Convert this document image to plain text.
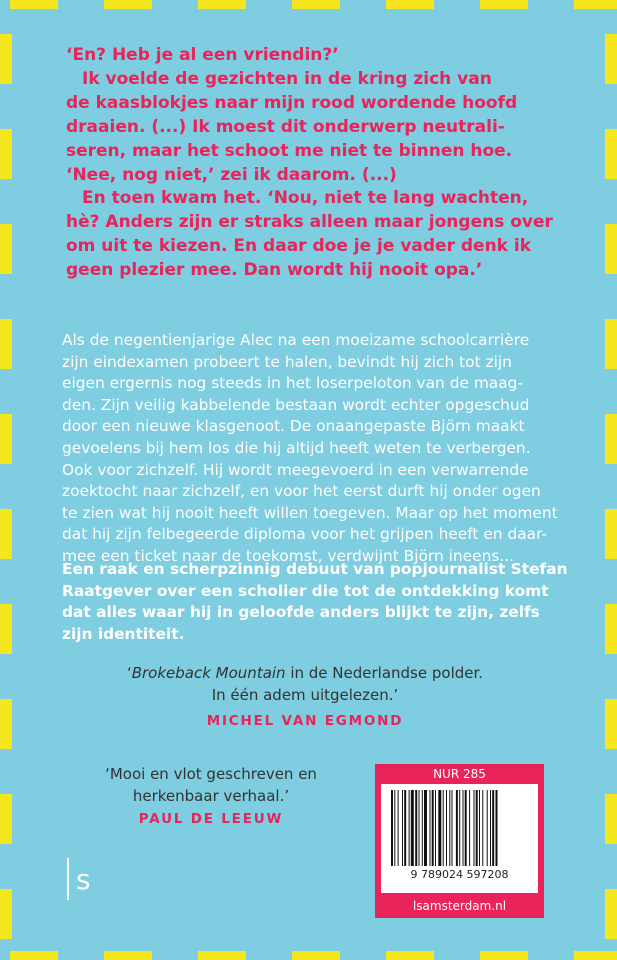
‘En? Heb je al een vriendin?’

Ik voelde de gezichten in de kring zich van

de kaasblokjes naar mijn rood wordende hoofd

draaien. (...) Ik moest dit onderwerp neutrali-

seren, maar het schoot me niet te binnen hoe.

‘Nee, nog niet,’ zei ik daarom. (...)

En toen kwam het. ‘Nou, niet te lang wachten,

hè? Anders zijn er straks alleen maar jongens over

om uit te kiezen. En daar doe je je vader denk ik

geen plezier mee. Dan wordt hij nooit opa.’

Als de negentienjarige Alec na een moeizame schoolcarrière

zijn eindexamen probeert te halen, bevindt hij zich tot zijn

eigen ergernis nog steeds in het loserpeloton van de maag-

den. Zijn veilig kabbelende bestaan wordt echter opgeschud

door een nieuwe klasgenoot. De onaangepaste Björn maakt

gevoelens bij hem los die hij altijd heeft weten te verbergen.

Ook voor zichzelf. Hij wordt meegevoerd in een verwarrende

zoektocht naar zichzelf, en voor het eerst durft hij onder ogen

te zien wat hij nooit heeft willen toegeven. Maar op het moment

dat hij zijn felbegeerde diploma voor het grijpen heeft en daar-

mee een ticket naar de toekomst, verdwijnt Björn ineens...

Een raak en scherpzinnig debuut van popjournalist Stefan

Raatgever over een scholier die tot de ontdekking komt

dat alles waar hij in geloofde anders blijkt te zijn, zelfs

zijn identiteit.

‘Brokeback Mountain in de Nederlandse polder.

In één adem uitgelezen.’

MICHEL VAN EGMOND

‘Mooi en vlot geschreven en

herkenbaar verhaal.’

PAUL DE LEEUW
s
NUR 285
9 789024 597208
lsamsterdam.nl
